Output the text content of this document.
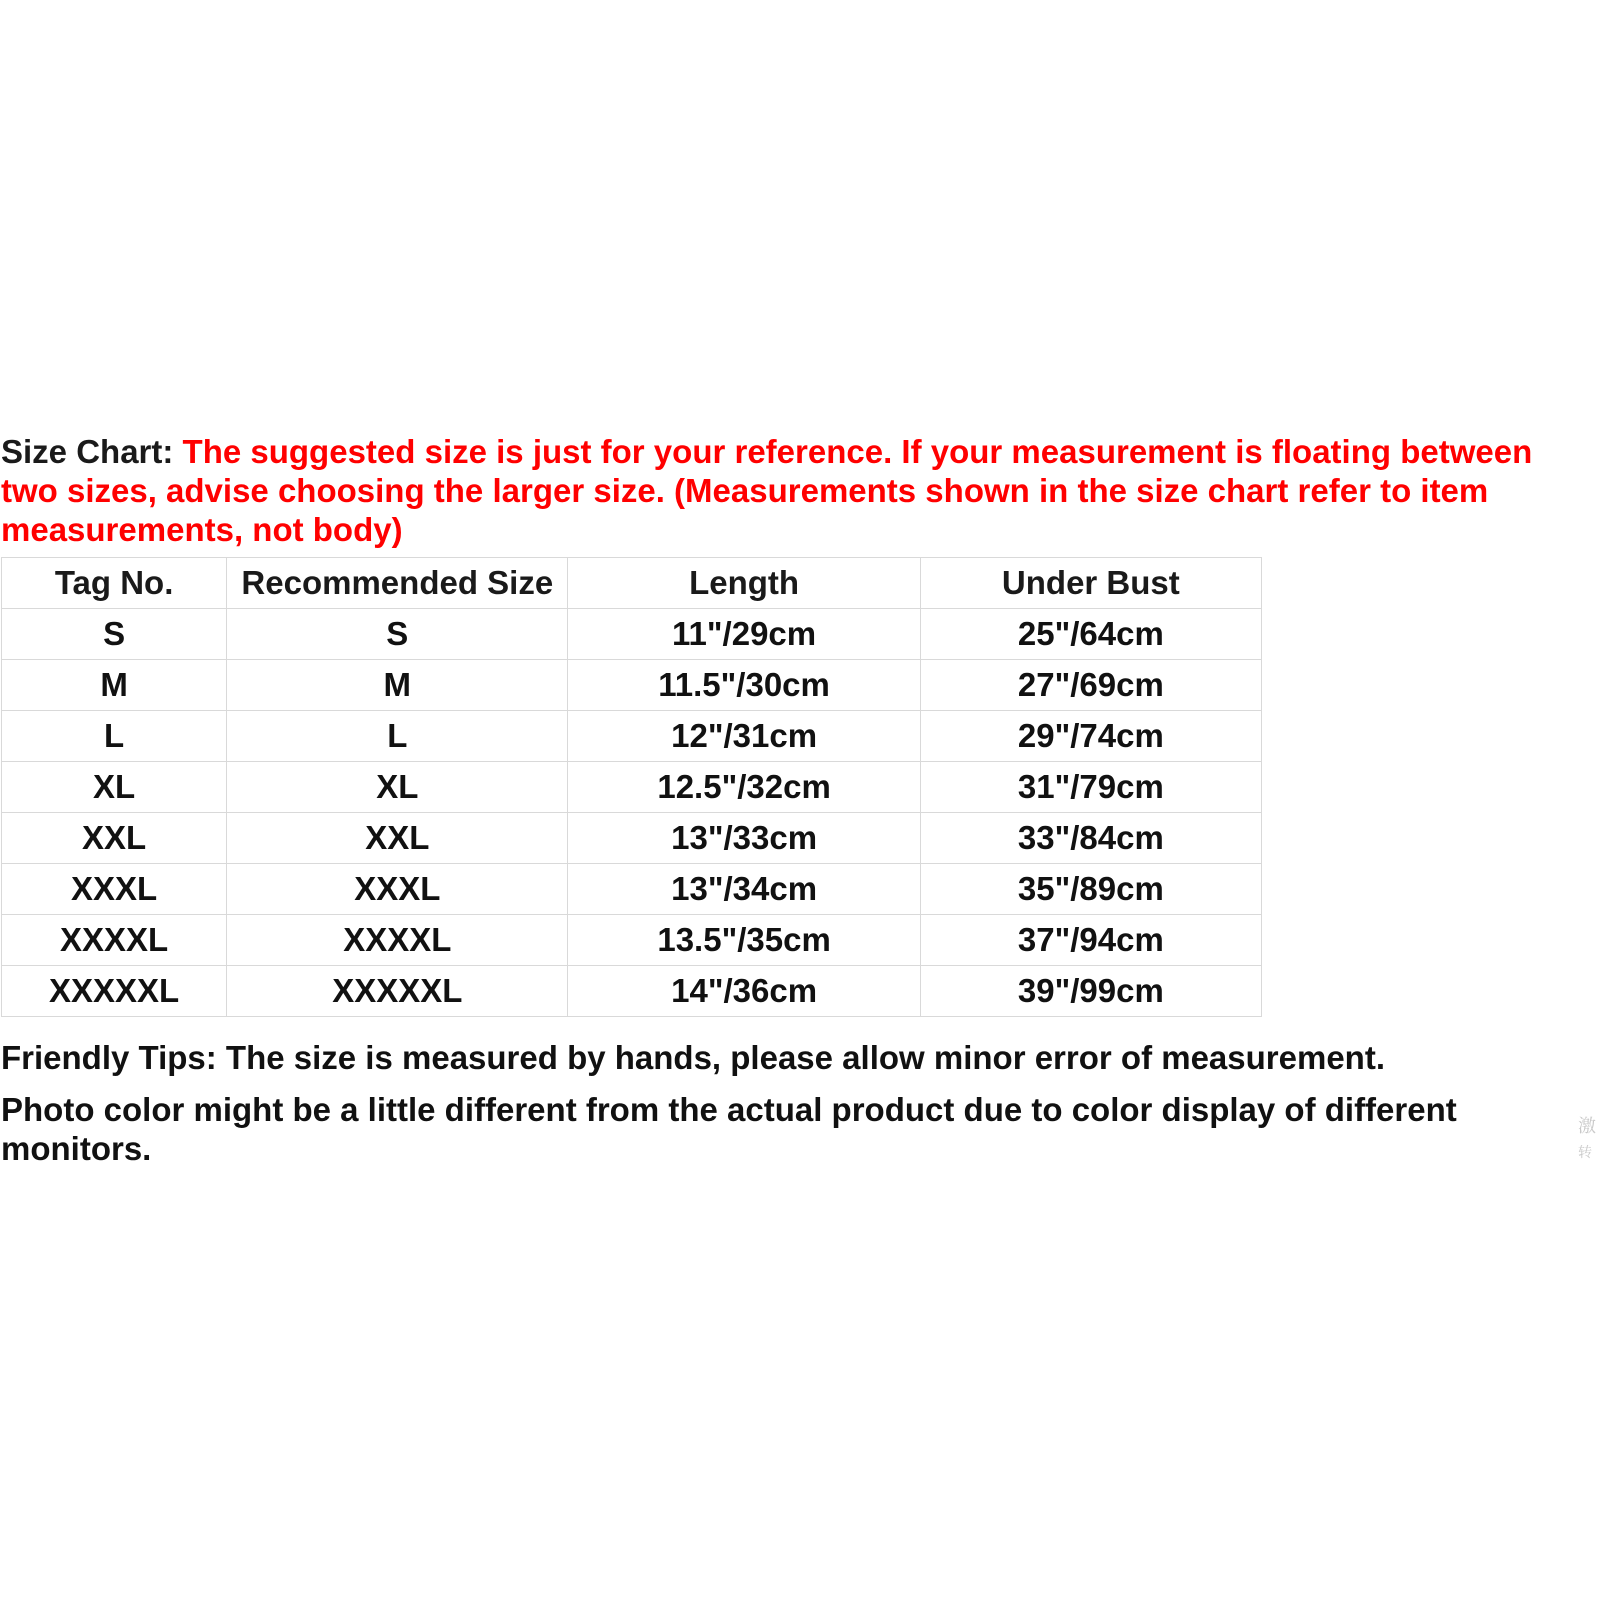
Size Chart: The suggested size is just for your reference. If your measurement is floating between
two sizes, advise choosing the larger size. (Measurements shown in the size chart refer to item
measurements, not body)
Tag No.	Recommended Size	Length	Under Bust
S	S	11"/29cm	25"/64cm
M	M	11.5"/30cm	27"/69cm
L	L	12"/31cm	29"/74cm
XL	XL	12.5"/32cm	31"/79cm
XXL	XXL	13"/33cm	33"/84cm
XXXL	XXXL	13"/34cm	35"/89cm
XXXXL	XXXXL	13.5"/35cm	37"/94cm
XXXXXL	XXXXXL	14"/36cm	39"/99cm
Friendly Tips: The size is measured by hands, please allow minor error of measurement.
Photo color might be a little different from the actual product due to color display of different
monitors.
激
转
